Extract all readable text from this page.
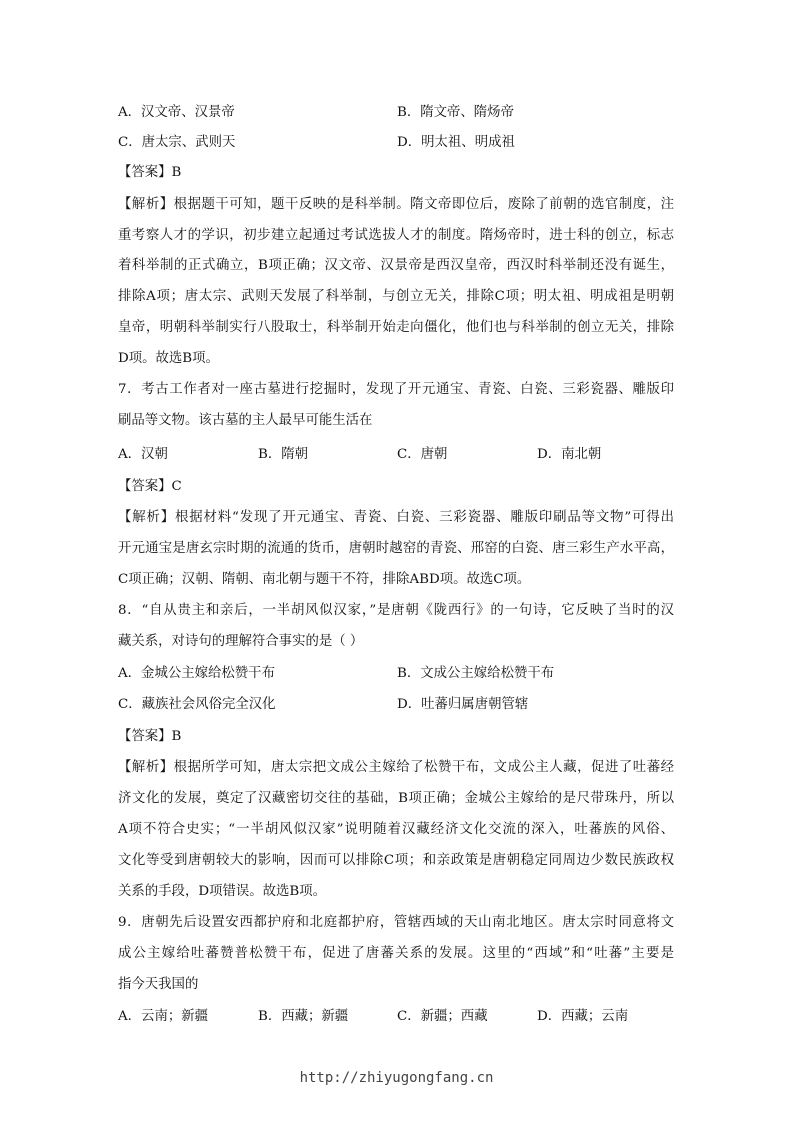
A．汉文帝、汉景帝	B．隋文帝、隋炀帝
C．唐太宗、武则天	D．明太祖、明成祖
【答案】B
【解析】根据题干可知，题干反映的是科举制。隋文帝即位后，废除了前朝的选官制度，注
重考察人才的学识，初步建立起通过考试选拔人才的制度。隋炀帝时，进士科的创立，标志
着科举制的正式确立，B项正确；汉文帝、汉景帝是西汉皇帝，西汉时科举制还没有诞生，
排除A项；唐太宗、武则天发展了科举制，与创立无关，排除C项；明太祖、明成祖是明朝
皇帝，明朝科举制实行八股取士，科举制开始走向僵化，他们也与科举制的创立无关，排除
D项。故选B项。
7．考古工作者对一座古墓进行挖掘时，发现了开元通宝、青瓷、白瓷、三彩瓷器、雕版印
刷品等文物。该古墓的主人最早可能生活在
A．汉朝	B．隋朝	C．唐朝	D．南北朝
【答案】C
【解析】根据材料“发现了开元通宝、青瓷、白瓷、三彩瓷器、雕版印刷品等文物”可得出
开元通宝是唐玄宗时期的流通的货币，唐朝时越窑的青瓷、邢窑的白瓷、唐三彩生产水平高，
C项正确；汉朝、隋朝、南北朝与题干不符，排除ABD项。故选C项。
8．“自从贵主和亲后，一半胡风似汉家，”是唐朝《陇西行》的一句诗，它反映了当时的汉
藏关系，对诗句的理解符合事实的是（ ）
A．金城公主嫁给松赞干布	B．文成公主嫁给松赞干布
C．藏族社会风俗完全汉化	D．吐蕃归属唐朝管辖
【答案】B
【解析】根据所学可知，唐太宗把文成公主嫁给了松赞干布，文成公主人藏，促进了吐蕃经
济文化的发展，奠定了汉藏密切交往的基础，B项正确；金城公主嫁给的是尺带珠丹，所以
A项不符合史实；“一半胡风似汉家”说明随着汉藏经济文化交流的深入，吐蕃族的风俗、
文化等受到唐朝较大的影响，因而可以排除C项；和亲政策是唐朝稳定同周边少数民族政权
关系的手段，D项错误。故选B项。
9．唐朝先后设置安西都护府和北庭都护府，管辖西域的天山南北地区。唐太宗时同意将文
成公主嫁给吐蕃赞普松赞干布，促进了唐蕃关系的发展。这里的“西域”和“吐蕃”主要是
指今天我国的
A．云南；新疆	B．西藏；新疆	C．新疆；西藏	D．西藏；云南
http://zhiyugongfang.cn
